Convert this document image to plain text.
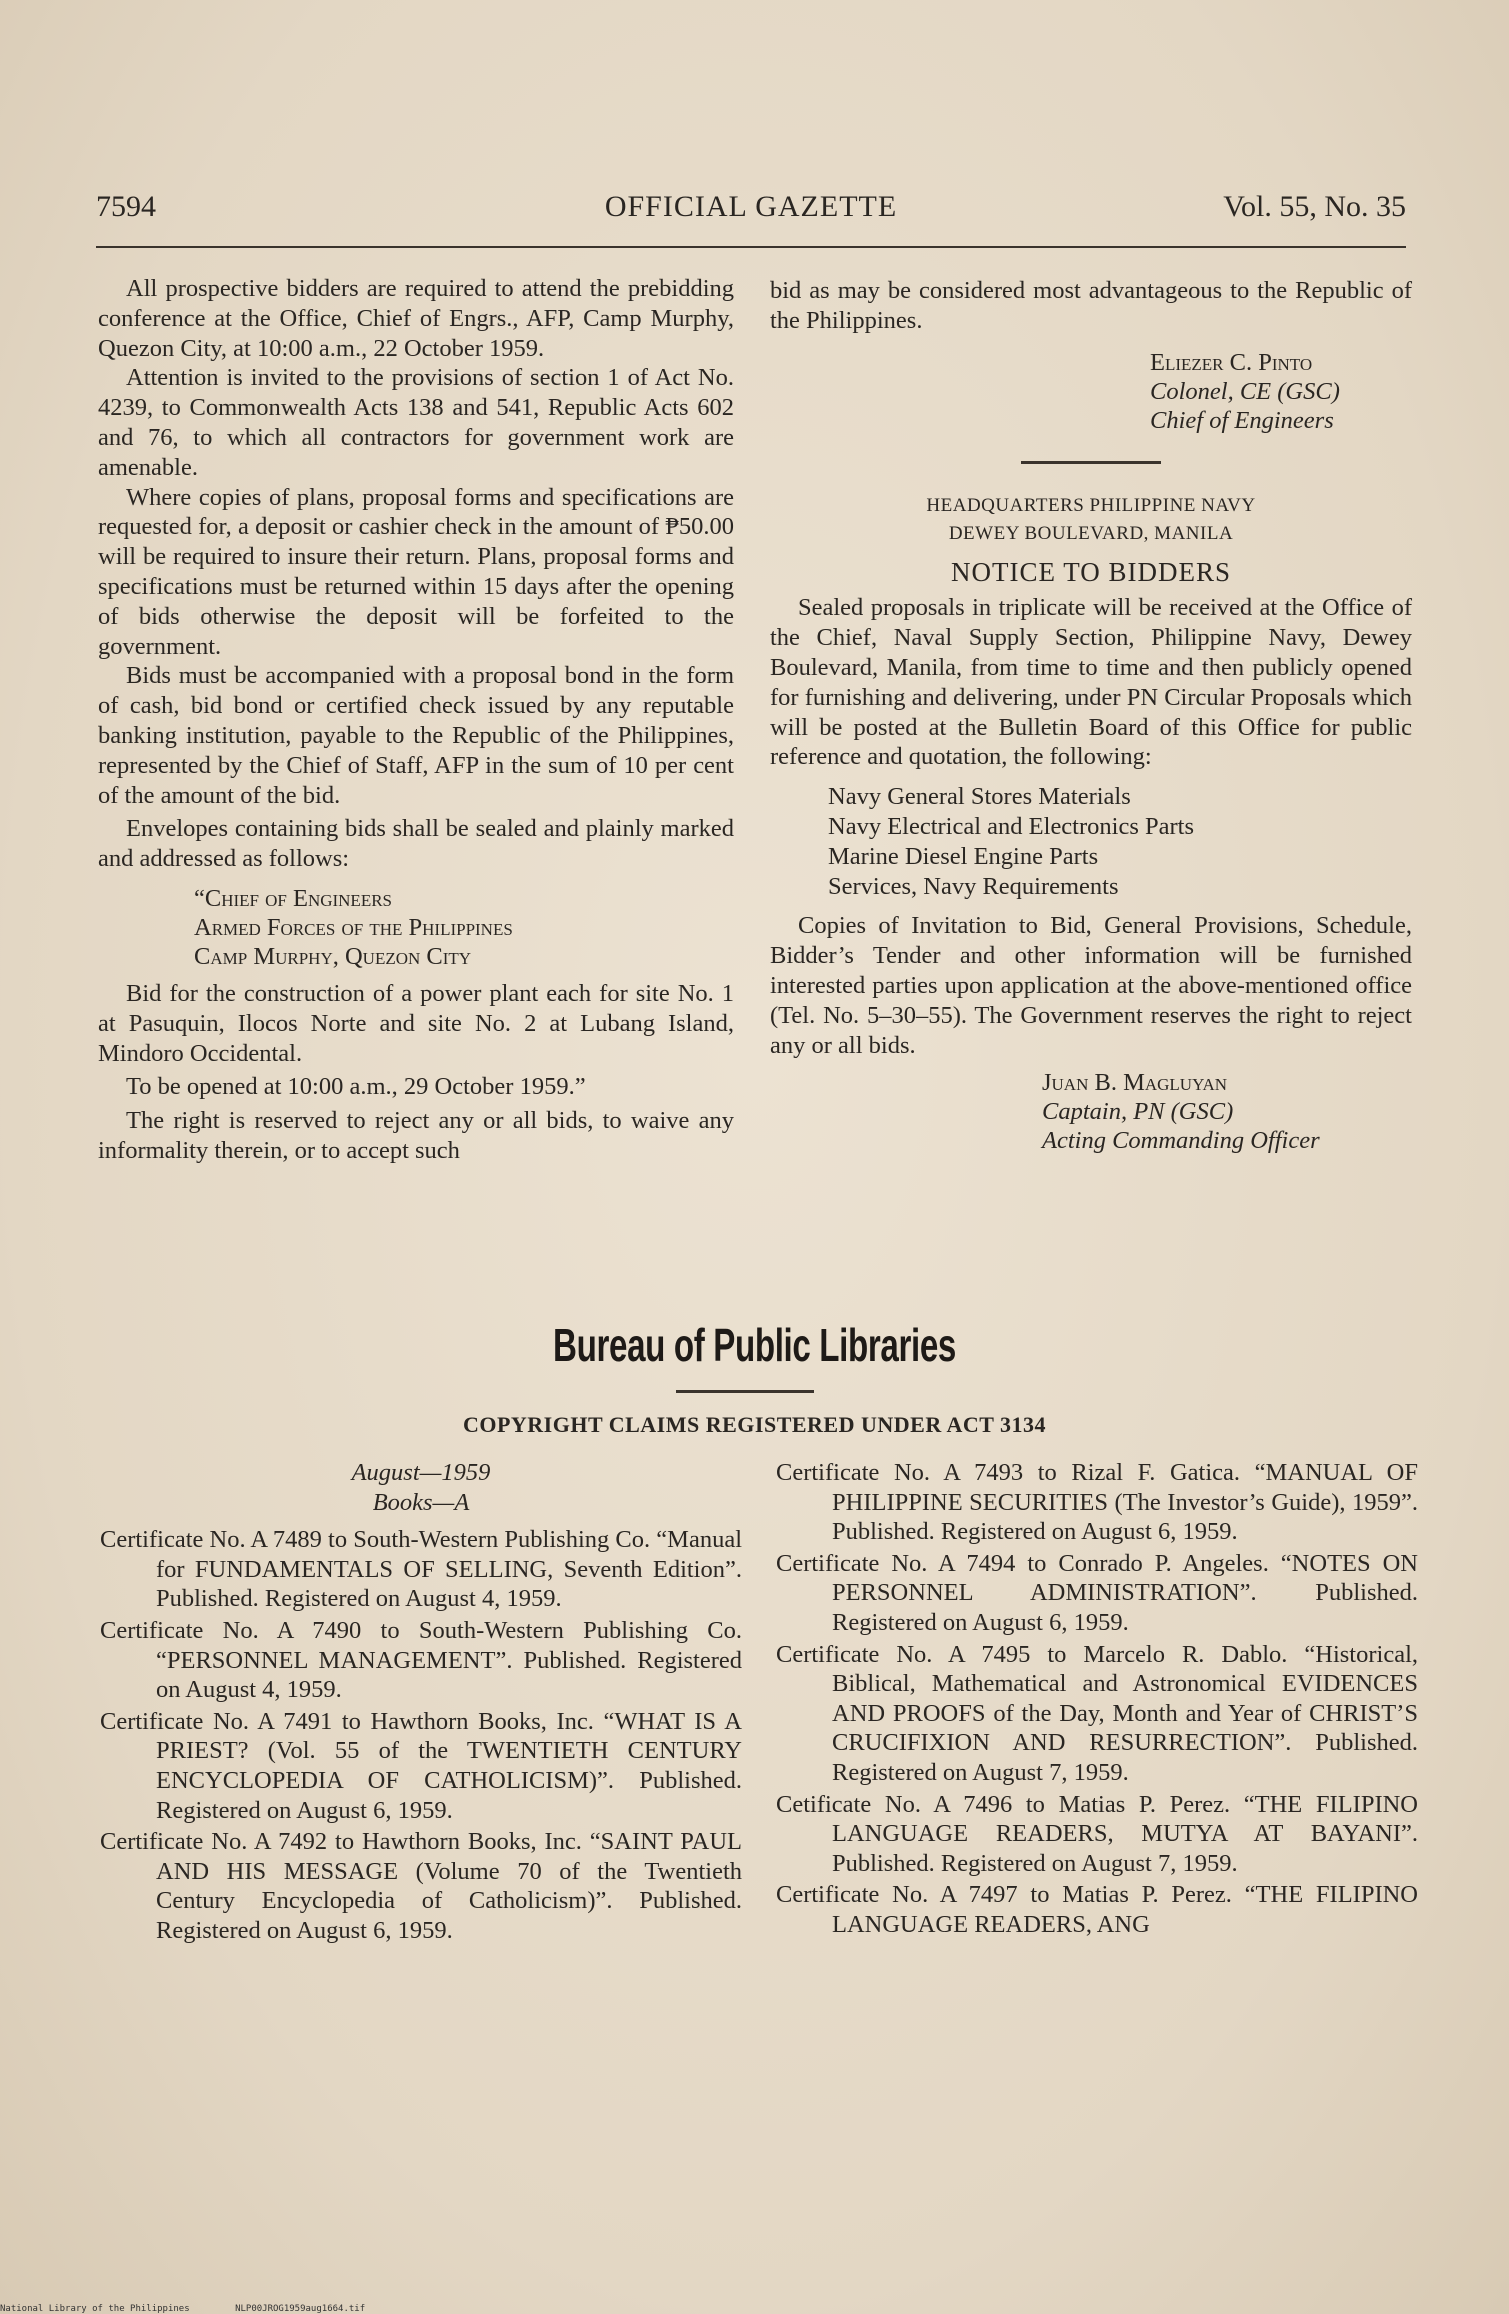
7594	OFFICIAL GAZETTE	Vol. 55, No. 35

All prospective bidders are required to attend the prebidding conference at the Office, Chief of Engrs., AFP, Camp Murphy, Quezon City, at 10:00 a.m., 22 October 1959.

Attention is invited to the provisions of section 1 of Act No. 4239, to Commonwealth Acts 138 and 541, Republic Acts 602 and 76, to which all contractors for government work are amenable.

Where copies of plans, proposal forms and specifications are requested for, a deposit or cashier check in the amount of ₱50.00 will be required to insure their return. Plans, proposal forms and specifications must be returned within 15 days after the opening of bids otherwise the deposit will be forfeited to the government.

Bids must be accompanied with a proposal bond in the form of cash, bid bond or certified check issued by any reputable banking institution, payable to the Republic of the Philippines, represented by the Chief of Staff, AFP in the sum of 10 per cent of the amount of the bid.

Envelopes containing bids shall be sealed and plainly marked and addressed as follows:

“Chief of Engineers
Armed Forces of the Philippines
Camp Murphy, Quezon City

Bid for the construction of a power plant each for site No. 1 at Pasuquin, Ilocos Norte and site No. 2 at Lubang Island, Mindoro Occidental.

To be opened at 10:00 a.m., 29 October 1959.”

The right is reserved to reject any or all bids, to waive any informality therein, or to accept such

bid as may be considered most advantageous to the Republic of the Philippines.

Eliezer C. Pinto
Colonel, CE (GSC)
Chief of Engineers

HEADQUARTERS PHILIPPINE NAVY

DEWEY BOULEVARD, MANILA

NOTICE TO BIDDERS

Sealed proposals in triplicate will be received at the Office of the Chief, Naval Supply Section, Philippine Navy, Dewey Boulevard, Manila, from time to time and then publicly opened for furnishing and delivering, under PN Circular Proposals which will be posted at the Bulletin Board of this Office for public reference and quotation, the following:

Navy General Stores Materials
Navy Electrical and Electronics Parts
Marine Diesel Engine Parts
Services, Navy Requirements

Copies of Invitation to Bid, General Provisions, Schedule, Bidder’s Tender and other information will be furnished interested parties upon application at the above-mentioned office (Tel. No. 5–30–55). The Government reserves the right to reject any or all bids.

Juan B. Magluyan
Captain, PN (GSC)
Acting Commanding Officer
Bureau of Public Libraries
COPYRIGHT CLAIMS REGISTERED UNDER ACT 3134

August—1959

Books—A

Certificate No. A 7489 to South-Western Publishing Co. “Manual for FUNDAMENTALS OF SELLING, Seventh Edition”. Published. Registered on August 4, 1959.

Certificate No. A 7490 to South-Western Publishing Co. “PERSONNEL MANAGEMENT”. Published. Registered on August 4, 1959.

Certificate No. A 7491 to Hawthorn Books, Inc. “WHAT IS A PRIEST? (Vol. 55 of the TWENTIETH CENTURY ENCYCLOPEDIA OF CATHOLICISM)”. Published. Registered on August 6, 1959.

Certificate No. A 7492 to Hawthorn Books, Inc. “SAINT PAUL AND HIS MESSAGE (Volume 70 of the Twentieth Century Encyclopedia of Catholicism)”. Published. Registered on August 6, 1959.

Certificate No. A 7493 to Rizal F. Gatica. “MANUAL OF PHILIPPINE SECURITIES (The Investor’s Guide), 1959”. Published. Registered on August 6, 1959.

Certificate No. A 7494 to Conrado P. Angeles. “NOTES ON PERSONNEL ADMINISTRATION”. Published. Registered on August 6, 1959.

Certificate No. A 7495 to Marcelo R. Dablo. “Historical, Biblical, Mathematical and Astronomical EVIDENCES AND PROOFS of the Day, Month and Year of CHRIST’S CRUCIFIXION AND RESURRECTION”. Published. Registered on August 7, 1959.

Cetificate No. A 7496 to Matias P. Perez. “THE FILIPINO LANGUAGE READERS, MUTYA AT BAYANI”. Published. Registered on August 7, 1959.

Certificate No. A 7497 to Matias P. Perez. “THE FILIPINO LANGUAGE READERS, ANG

National Library of the Philippines	NLP00JROG1959aug1664.tif
